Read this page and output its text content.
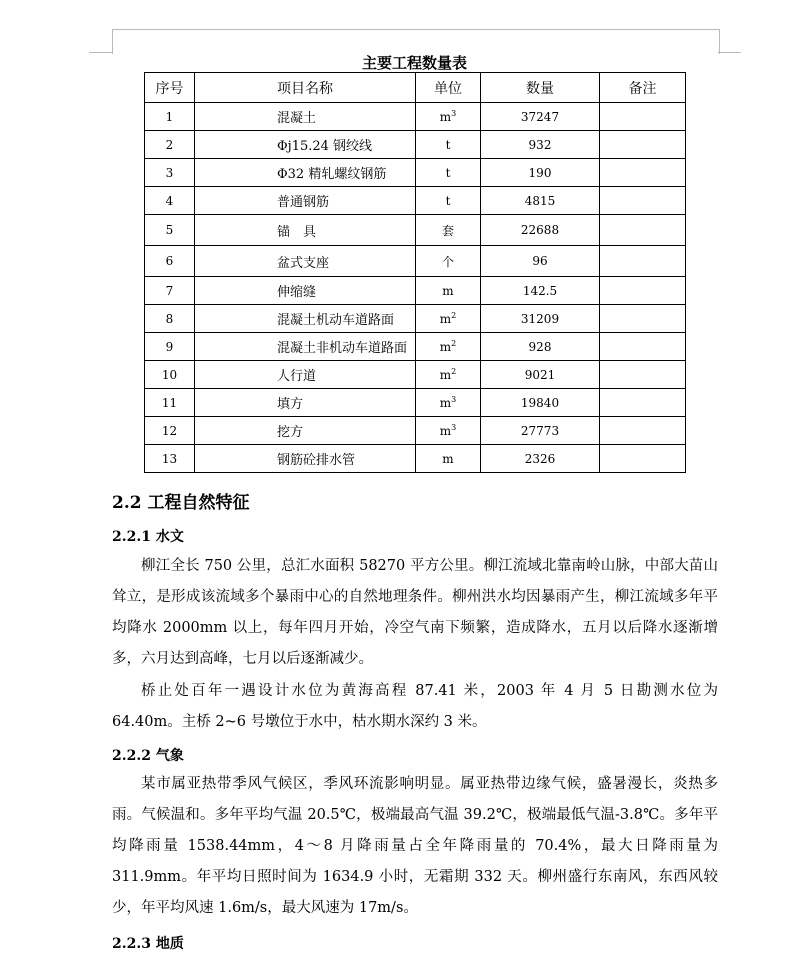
主要工程数量表
序号	项目名称	单位	数量	备注
1	混凝土	$m^3$	37247	
2	Φj15.24 钢绞线	t	932	
3	Φ32 精轧螺纹钢筋	t	190	
4	普通钢筋	t	4815	
5	锚　具	套	22688	
6	盆式支座	个	96	
7	伸缩缝	m	142.5	
8	混凝土机动车道路面	$m^2$	31209	
9	混凝土非机动车道路面	$m^2$	928	
10	人行道	$m^2$	9021	
11	填方	$m^3$	19840	
12	挖方	$m^3$	27773	
13	钢筋砼排水管	m	2326	
2.2 工程自然特征
2.2.1 水文
柳江全长 750 公里，总汇水面积 58270 平方公里。柳江流域北靠南岭山脉，中部大苗山耸立，是形成该流域多个暴雨中心的自然地理条件。柳州洪水均因暴雨产生，柳江流域多年平均降水 2000mm 以上，每年四月开始，冷空气南下频繁，造成降水，五月以后降水逐渐增多，六月达到高峰，七月以后逐渐减少。
桥止处百年一遇设计水位为黄海高程 87.41 米，2003 年 4 月 5 日勘测水位为 64.40m。主桥 2~6 号墩位于水中，枯水期水深约 3 米。
2.2.2 气象
某市属亚热带季风气候区，季风环流影响明显。属亚热带边缘气候，盛暑漫长，炎热多雨。气候温和。多年平均气温 20.5℃，极端最高气温 39.2℃，极端最低气温-3.8℃。多年平均降雨量 1538.44mm，4～8 月降雨量占全年降雨量的 70.4%，最大日降雨量为 311.9mm。年平均日照时间为 1634.9 小时，无霜期 332 天。柳州盛行东南风，东西风较少，年平均风速 1.6m/s，最大风速为 17m/s。
2.2.3 地质
